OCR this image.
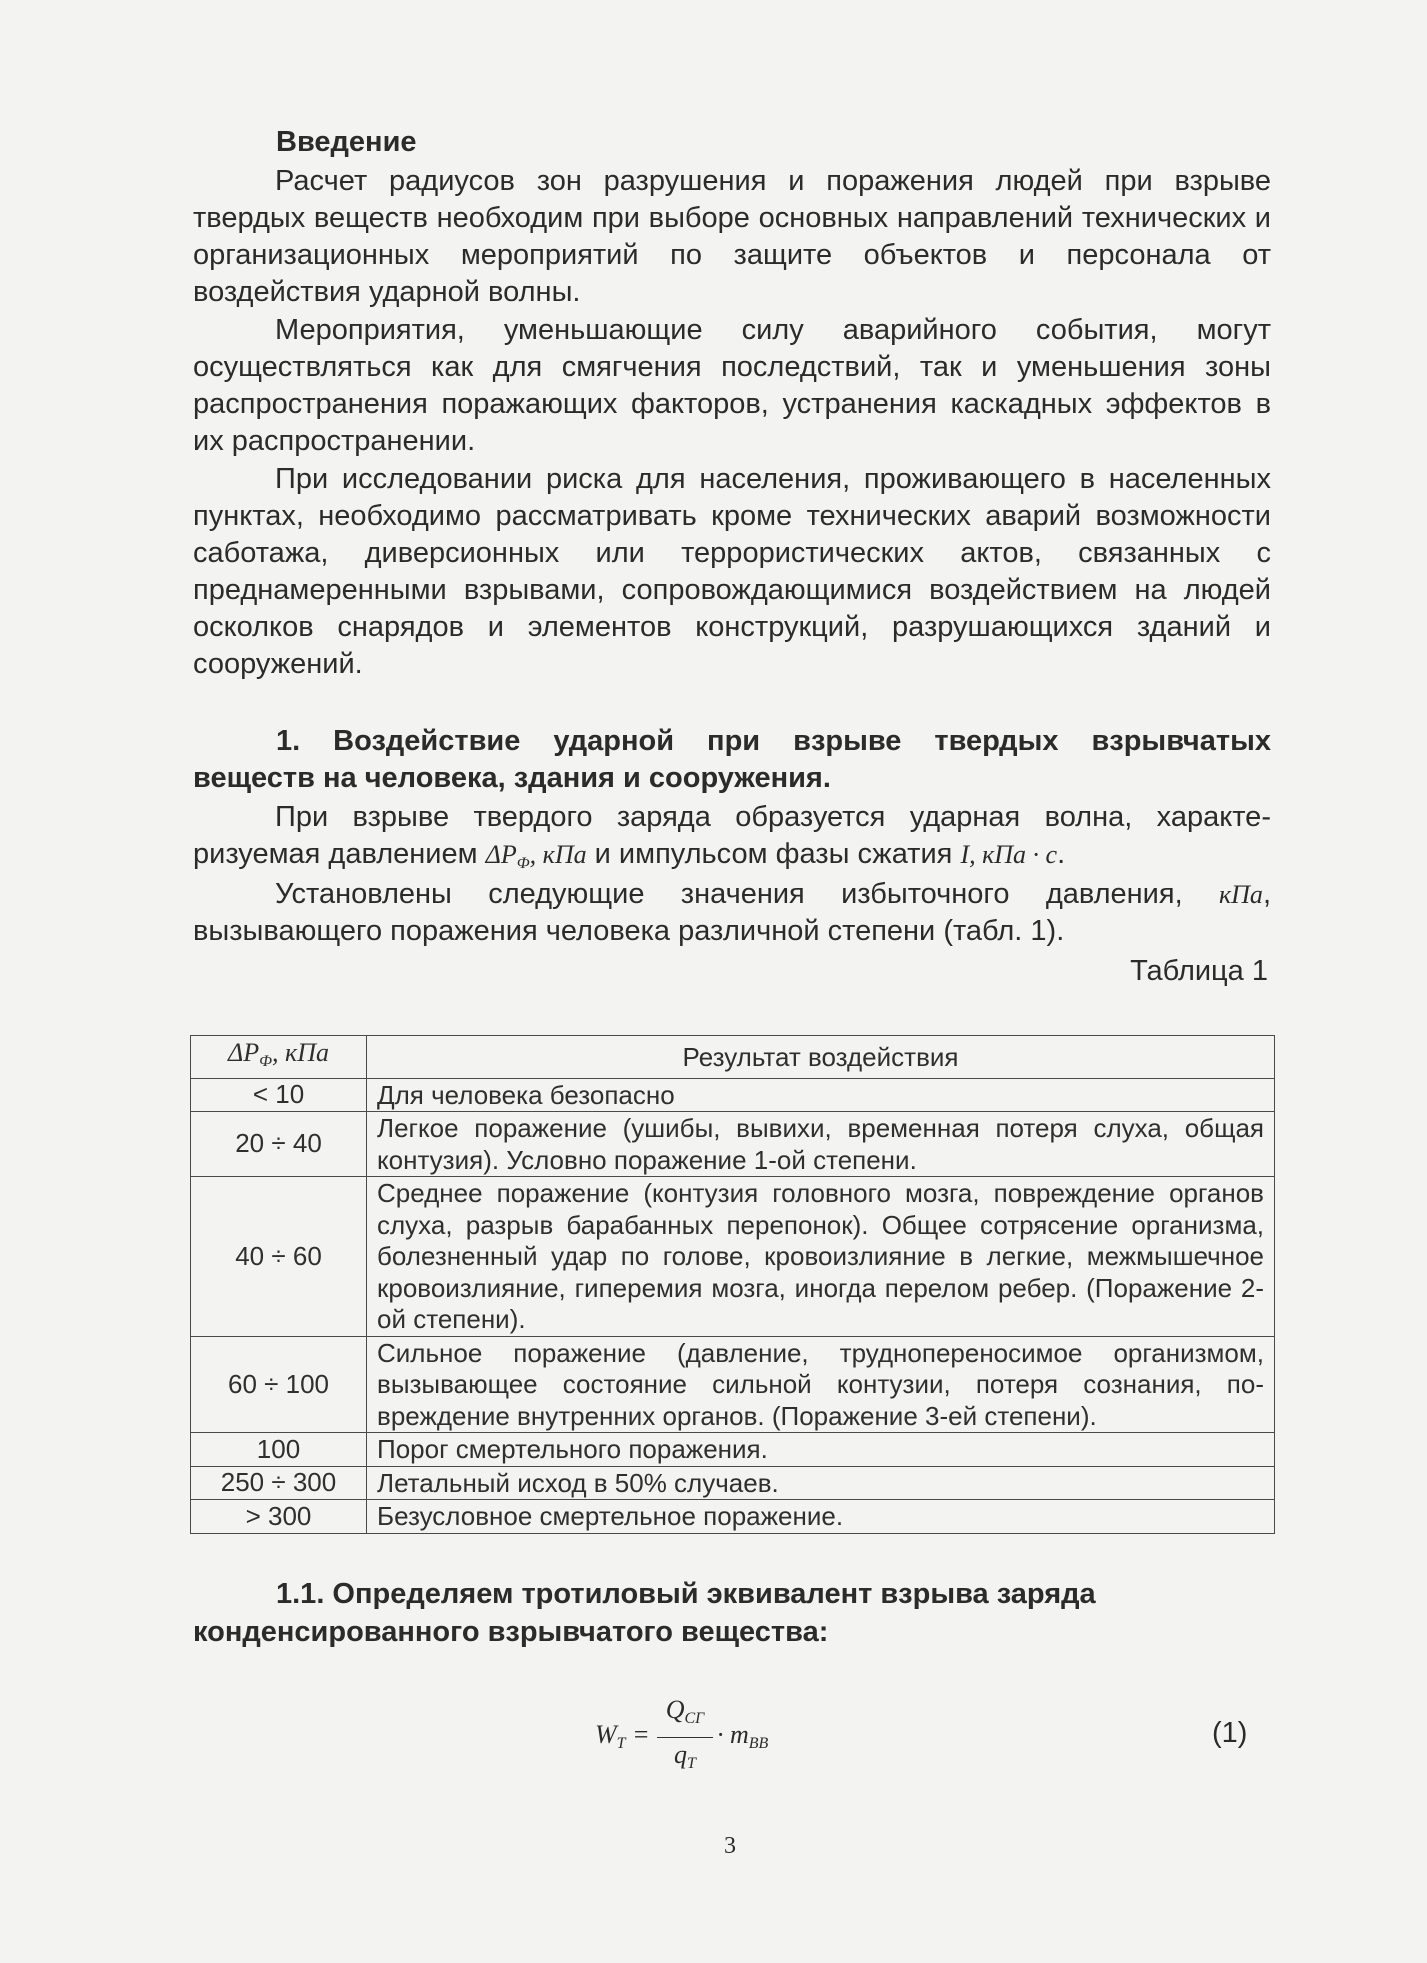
Введение

Расчет радиусов зон разрушения и поражения людей при взрыве твердых веществ необходим при выборе основных направлений технических и организационных мероприятий по защите объектов и персонала от воздействия ударной волны.

Мероприятия, уменьшающие силу аварийного события, могут осуществляться как для смягчения последствий, так и уменьшения зоны распространения поражающих факторов, устранения каскадных эффектов в их распространении.

При исследовании риска для населения, проживающего в населенных пунктах, необходимо рассматривать кроме технических аварий возможности саботажа, диверсионных или террористических актов, связанных с преднамеренными взрывами, сопровождающимися воздействием на людей осколков снарядов и элементов конструкций, разрушающихся зданий и сооружений.

1. Воздействие ударной при взрыве твердых взрывчатых
веществ на человека, здания и сооружения.

При взрыве твердого заряда образуется ударная волна, характеризуемая давлением $\Delta P_Ф$, кПа и импульсом фазы сжатия I, кПа · с.

Установлены следующие значения избыточного давления, кПа, вызывающего поражения человека различной степени (табл. 1).

Таблица 1

$\Delta P_Ф$, кПа	Результат воздействия
< 10	Для человека безопасно
20 ÷ 40	Легкое поражение (ушибы, вывихи, временная потеря слуха, общая контузия). Условно поражение 1-ой степени.
40 ÷ 60	Среднее поражение (контузия головного мозга, повреждение органов слуха, разрыв барабанных перепонок). Общее сотрясение организма, болезненный удар по голове, кровоизлияние в легкие, межмышечное кровоизлияние, гиперемия мозга, иногда перелом ребер. (Поражение 2-ой степени).
60 ÷ 100	Сильное поражение (давление, труднопереносимое организмом, вызывающее состояние сильной контузии, потеря сознания, повреждение внутренних органов. (Поражение 3-ей степени).
100	Порог смертельного поражения.
250 ÷ 300	Летальный исход в 50% случаев.
> 300	Безусловное смертельное поражение.
1.1. Определяем тротиловый эквивалент взрыва заряда
конденсированного взрывчатого вещества:
$W_T$ =
$Q_{CГ}$
$q_T$
· $m_{BB}$	(1)
3
